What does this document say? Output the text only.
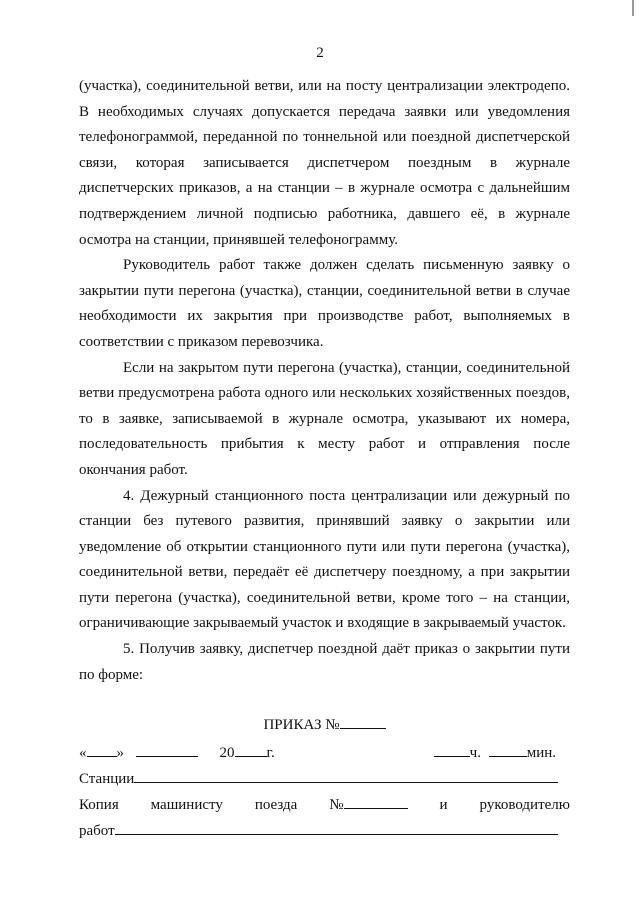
2

(участка), соединительной ветви, или на посту централизации электродепо. В необходимых случаях допускается передача заявки или уведомления телефонограммой, переданной по тоннельной или поездной диспетчерской связи, которая записывается диспетчером поездным в журнале диспетчерских приказов, а на станции – в журнале осмотра с дальнейшим подтверждением личной подписью работника, давшего её, в журнале осмотра на станции, принявшей телефонограмму.

Руководитель работ также должен сделать письменную заявку о закрытии пути перегона (участка), станции, соединительной ветви в случае необходимости их закрытия при производстве работ, выполняемых в соответствии с приказом перевозчика.

Если на закрытом пути перегона (участка), станции, соединительной ветви предусмотрена работа одного или нескольких хозяйственных поездов, то в заявке, записываемой в журнале осмотра, указывают их номера, последовательность прибытия к месту работ и отправления после окончания работ.

4. Дежурный станционного поста централизации или дежурный по станции без путевого развития, принявший заявку о закрытии или уведомление об открытии станционного пути или пути перегона (участка), соединительной ветви, передаёт её диспетчеру поездному, а при закрытии пути перегона (участка), соединительной ветви, кроме того – на станции, ограничивающие закрываемый участок и входящие в закрываемый участок.

5. Получив заявку, диспетчер поездной даёт приказ о закрытии пути по форме:

ПРИКАЗ №
« »	20 г.	ч.	мин.
Станции
Копия машинисту поезда №	и руководителю
работ
